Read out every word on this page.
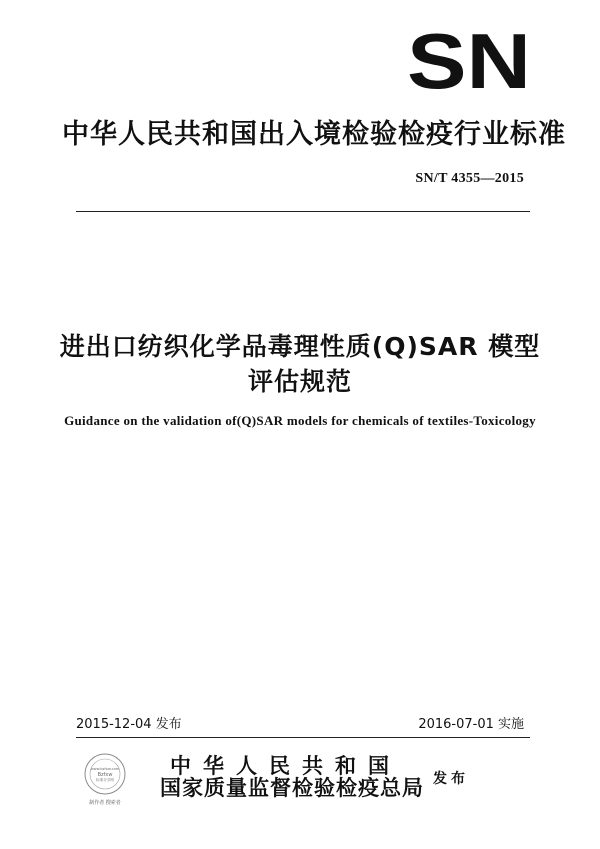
SN
中华人民共和国出入境检验检疫行业标准
SN/T 4355—2015
进出口纺织化学品毒理性质(Q)SAR 模型
评估规范
Guidance on the validation of(Q)SAR models for chemicals of textiles-Toxicology
2015-12-04 发布	2016-07-01 实施
www.bzfxw.com
Bzfxw
标准分享网
制作者 搜索者
中华人民共和国
国家质量监督检验检疫总局 发布
